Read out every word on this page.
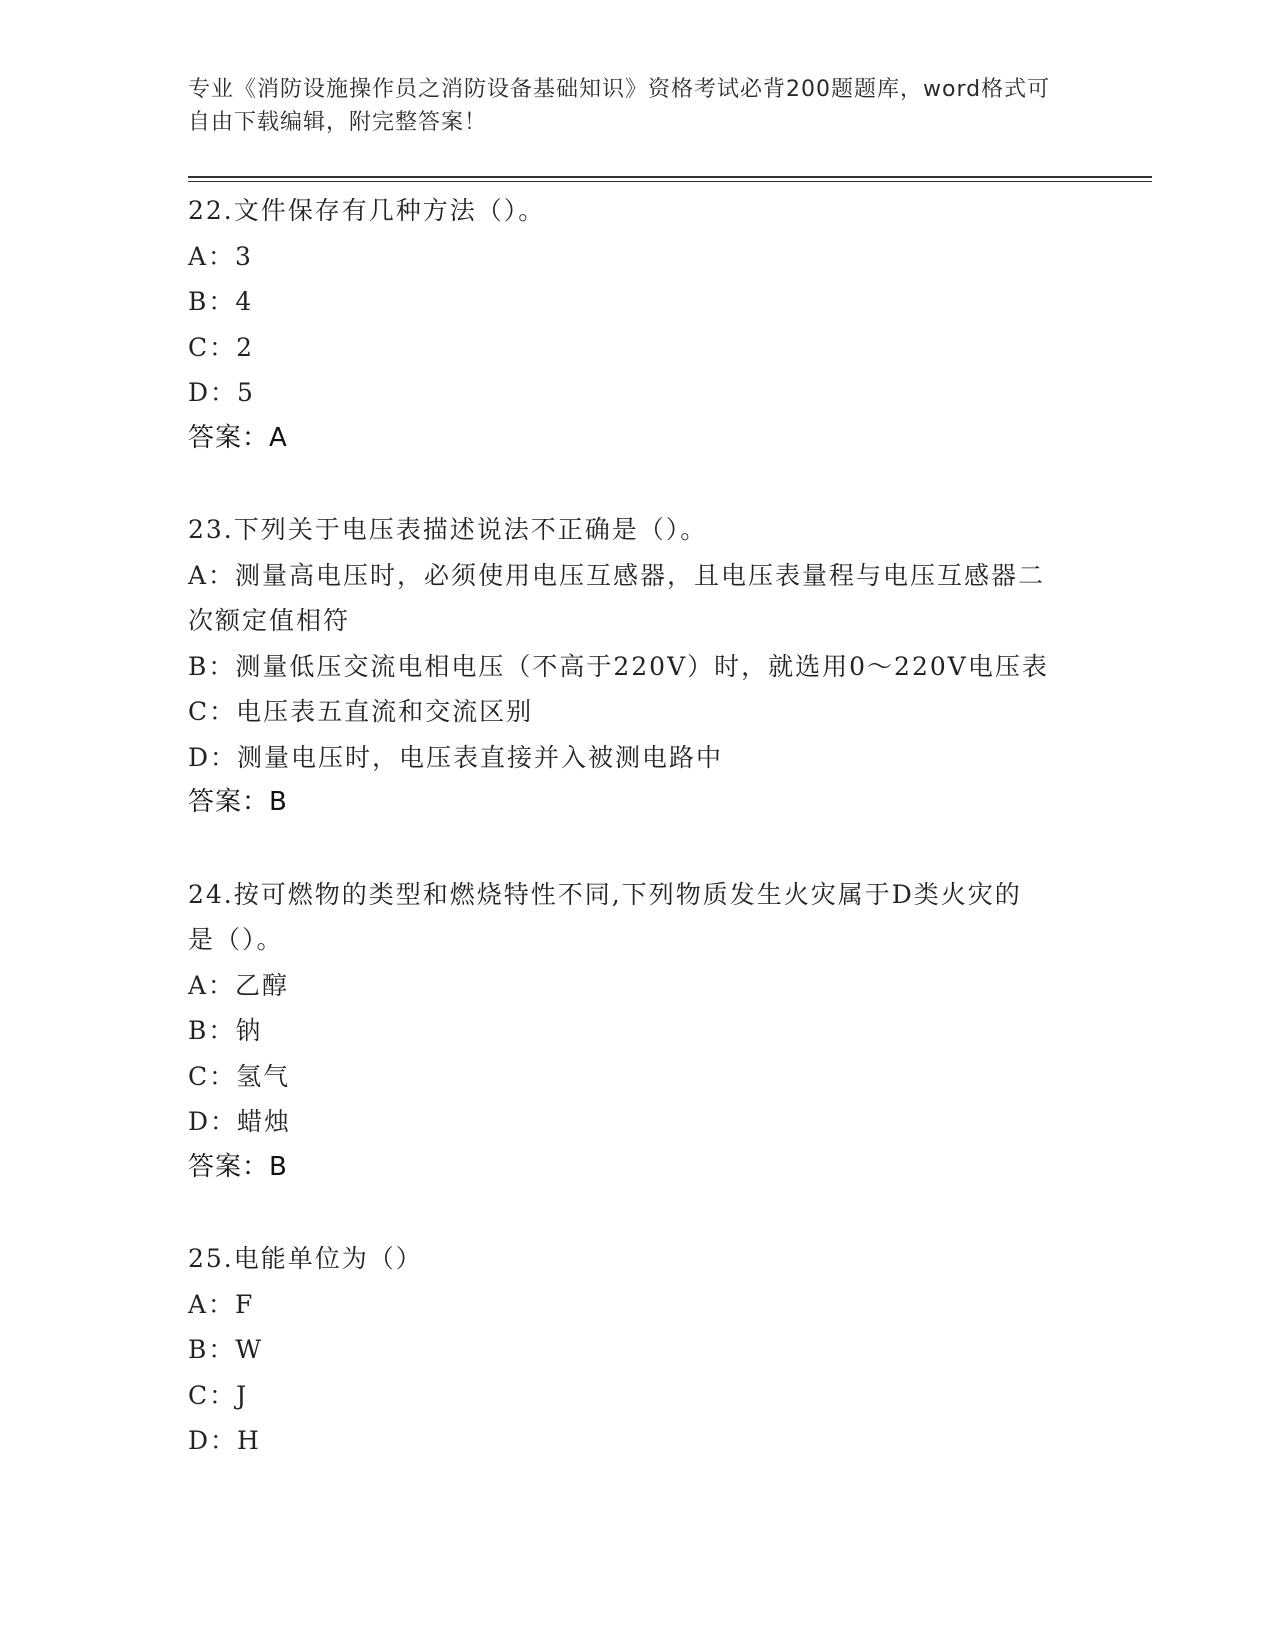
专业《消防设施操作员之消防设备基础知识》资格考试必背200题题库，word格式可自由下载编辑，附完整答案！
22.文件保存有几种方法（）。
A：3
B：4
C：2
D：5
答案：A
23.下列关于电压表描述说法不正确是（）。
A：测量高电压时，必须使用电压互感器，且电压表量程与电压互感器二次额定值相符
B：测量低压交流电相电压（不高于220V）时，就选用0～220V电压表
C：电压表五直流和交流区别
D：测量电压时，电压表直接并入被测电路中
答案：B
24.按可燃物的类型和燃烧特性不同,下列物质发生火灾属于D类火灾的是（）。
A：乙醇
B：钠
C：氢气
D：蜡烛
答案：B
25.电能单位为（）
A：F
B：W
C：J
D：H
